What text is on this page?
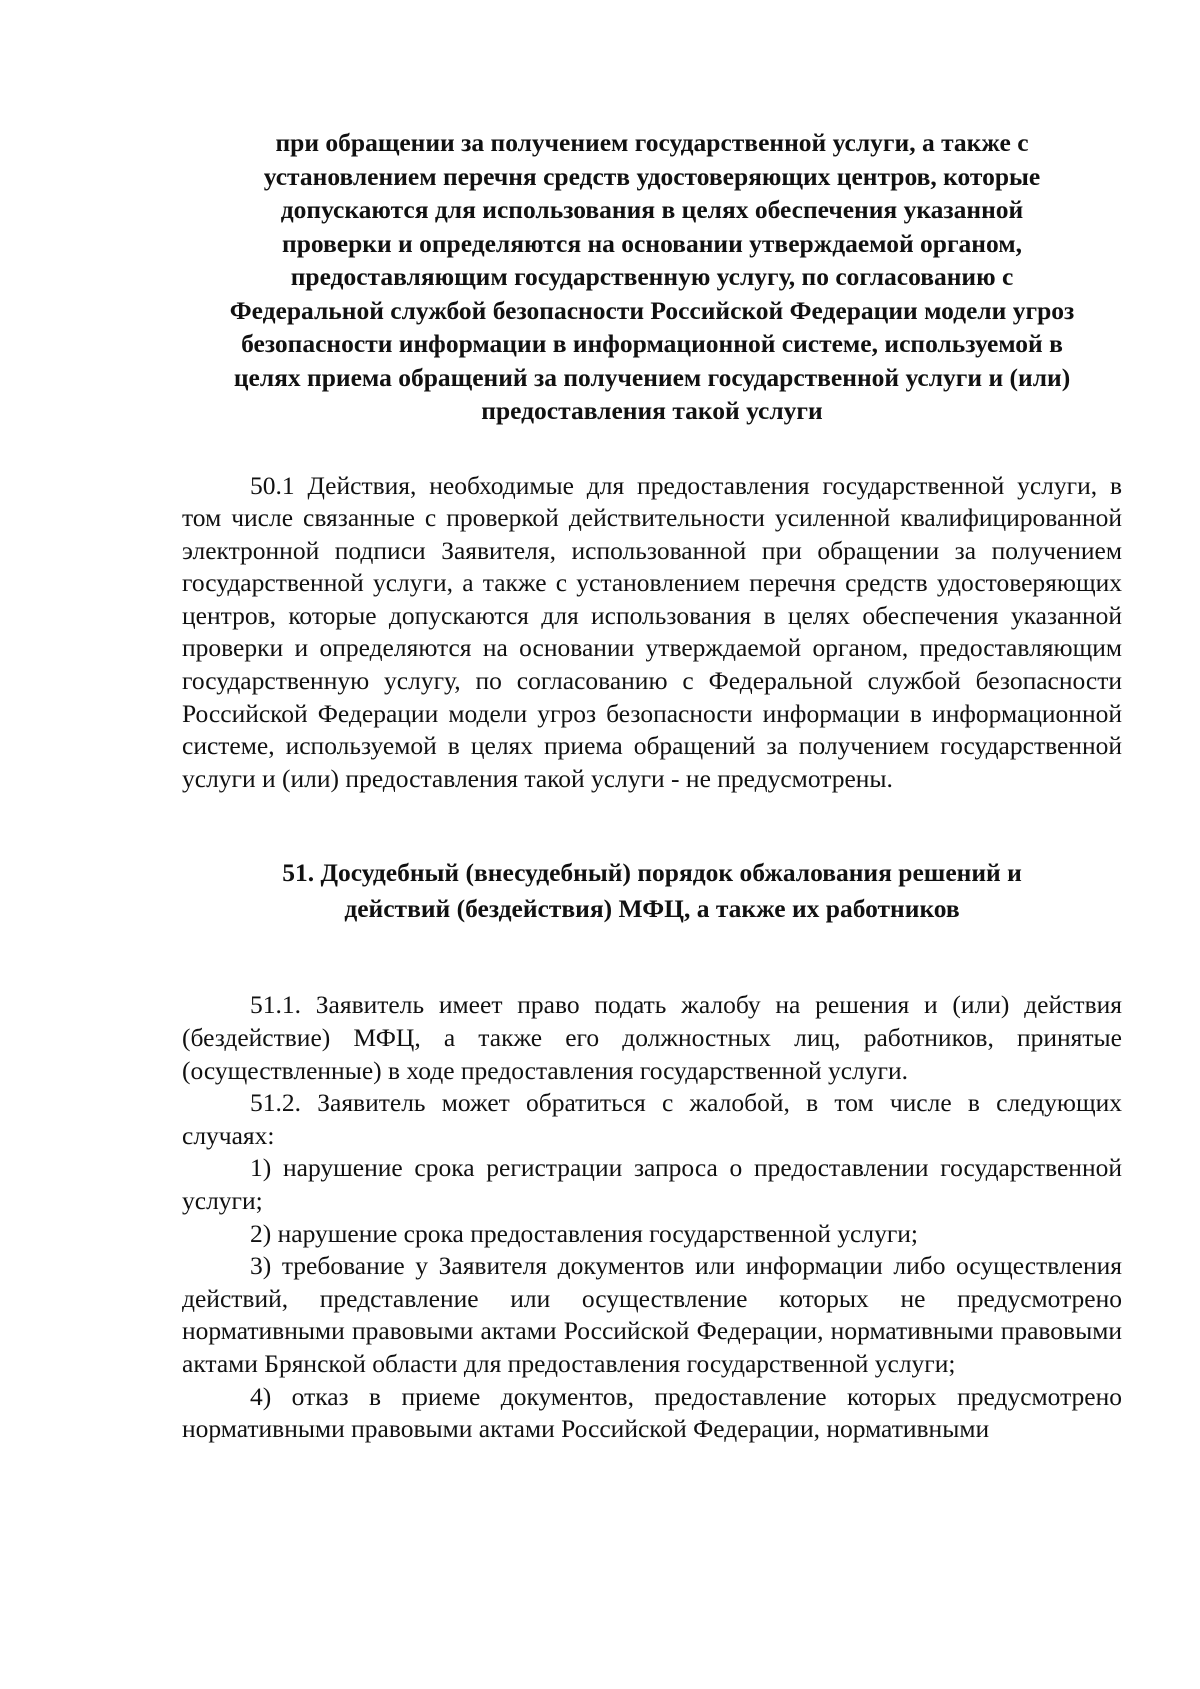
при обращении за получением государственной услуги, а также с
установлением перечня средств удостоверяющих центров, которые
допускаются для использования в целях обеспечения указанной
проверки и определяются на основании утверждаемой органом,
предоставляющим государственную услугу, по согласованию с
Федеральной службой безопасности Российской Федерации модели угроз
безопасности информации в информационной системе, используемой в
целях приема обращений за получением государственной услуги и (или)
предоставления такой услуги

50.1 Действия, необходимые для предоставления государственной услуги, в том числе связанные с проверкой действительности усиленной квалифицированной электронной подписи Заявителя, использованной при обращении за получением государственной услуги, а также с установлением перечня средств удостоверяющих центров, которые допускаются для использования в целях обеспечения указанной проверки и определяются на основании утверждаемой органом, предоставляющим государственную услугу, по согласованию с Федеральной службой безопасности Российской Федерации модели угроз безопасности информации в информационной системе, используемой в целях приема обращений за получением государственной услуги и (или) предоставления такой услуги - не предусмотрены.

51. Досудебный (внесудебный) порядок обжалования решений и
действий (бездействия) МФЦ, а также их работников

51.1. Заявитель имеет право подать жалобу на решения и (или) действия (бездействие) МФЦ, а также его должностных лиц, работников, принятые (осуществленные) в ходе предоставления государственной услуги.

51.2. Заявитель может обратиться с жалобой, в том числе в следующих случаях:

1) нарушение срока регистрации запроса о предоставлении государственной услуги;

2) нарушение срока предоставления государственной услуги;

3) требование у Заявителя документов или информации либо осуществления действий, представление или осуществление которых не предусмотрено нормативными правовыми актами Российской Федерации, нормативными правовыми актами Брянской области для предоставления государственной услуги;

4) отказ в приеме документов, предоставление которых предусмотрено нормативными правовыми актами Российской Федерации, нормативными
